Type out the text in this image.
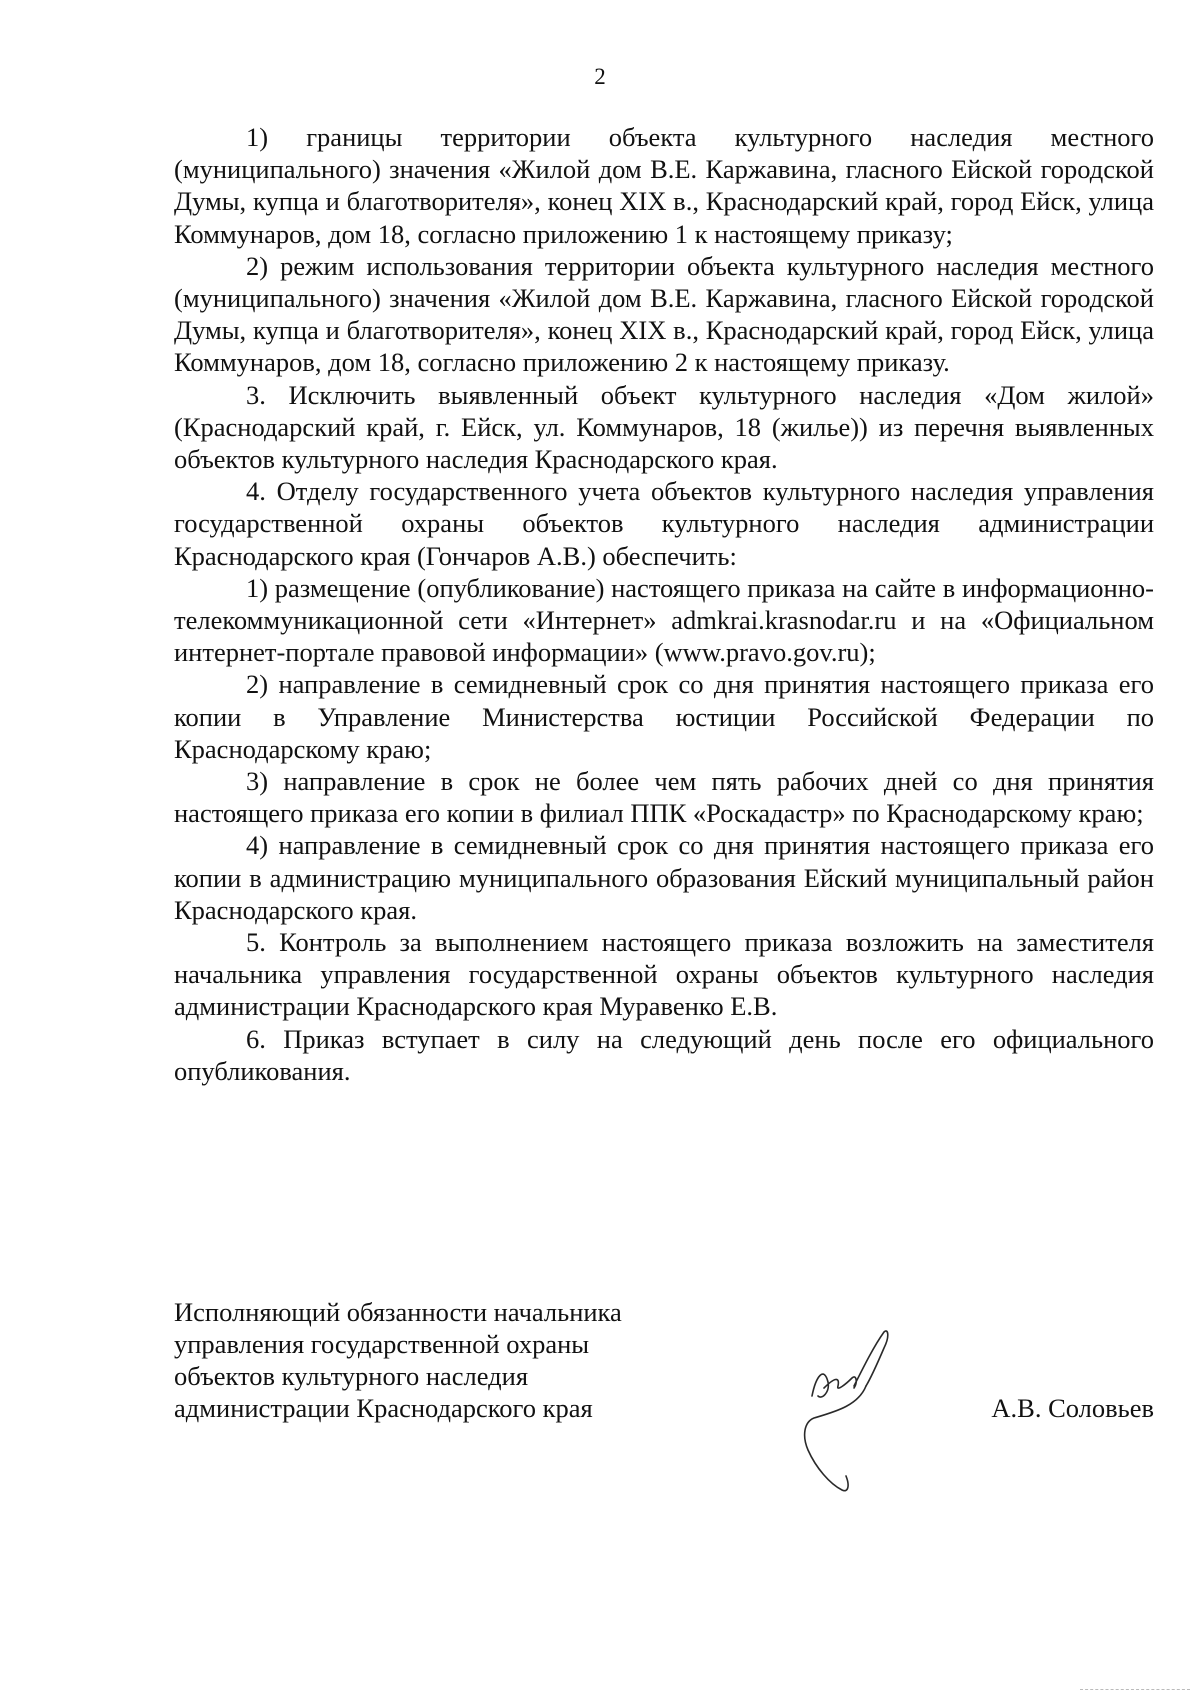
2

1) границы территории объекта культурного наследия местного (муниципального) значения «Жилой дом В.Е. Каржавина, гласного Ейской городской Думы, купца и благотворителя», конец XIX в., Краснодарский край, город Ейск, улица Коммунаров, дом 18, согласно приложению 1 к настоящему приказу;

2) режим использования территории объекта культурного наследия местного (муниципального) значения «Жилой дом В.Е. Каржавина, гласного Ейской городской Думы, купца и благотворителя», конец XIX в., Краснодарский край, город Ейск, улица Коммунаров, дом 18, согласно приложению 2 к настоящему приказу.

3. Исключить выявленный объект культурного наследия «Дом жилой» (Краснодарский край, г. Ейск, ул. Коммунаров, 18 (жилье)) из перечня выявленных объектов культурного наследия Краснодарского края.

4. Отделу государственного учета объектов культурного наследия управления государственной охраны объектов культурного наследия администрации Краснодарского края (Гончаров А.В.) обеспечить:

1) размещение (опубликование) настоящего приказа на сайте в информационно-телекоммуникационной сети «Интернет» admkrai.krasnodar.ru и на «Официальном интернет-портале правовой информации» (www.pravo.gov.ru);

2) направление в семидневный срок со дня принятия настоящего приказа его копии в Управление Министерства юстиции Российской Федерации по Краснодарскому краю;

3) направление в срок не более чем пять рабочих дней со дня принятия настоящего приказа его копии в филиал ППК «Роскадастр» по Краснодарскому краю;

4) направление в семидневный срок со дня принятия настоящего приказа его копии в администрацию муниципального образования Ейский муниципальный район Краснодарского края.

5. Контроль за выполнением настоящего приказа возложить на заместителя начальника управления государственной охраны объектов культурного наследия администрации Краснодарского края Муравенко Е.В.

6. Приказ вступает в силу на следующий день после его официального опубликования.

Исполняющий обязанности начальника
управления государственной охраны
объектов культурного наследия
администрации Краснодарского края	А.В. Соловьев
